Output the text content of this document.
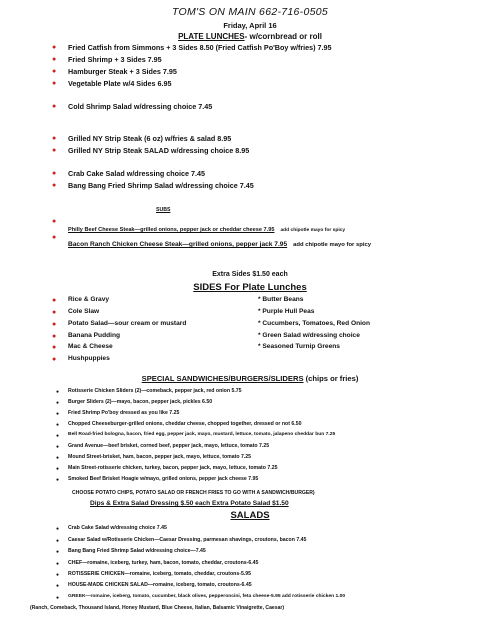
TOM'S ON MAIN 662-716-0505
Friday, April 16
PLATE LUNCHES- w/cornbread or roll
● Fried Catfish from Simmons + 3 Sides 8.50 (Fried Catfish Po'Boy w/fries) 7.95
● Fried Shrimp + 3 Sides 7.95
● Hamburger Steak + 3 Sides 7.95
● Vegetable Plate w/4 Sides 6.95
● Cold Shrimp Salad w/dressing choice 7.45
● Grilled NY Strip Steak (6 oz) w/fries & salad 8.95
● Grilled NY Strip Steak SALAD w/dressing choice 8.95
● Crab Cake Salad w/dressing choice 7.45
● Bang Bang Fried Shrimp Salad w/dressing choice 7.45
SUBS
●
Philly Beef Cheese Steak—grilled onions, pepper jack or cheddar cheese 7.95 add chipotle mayo for spicy
●
Bacon Ranch Chicken Cheese Steak—grilled onions, pepper jack 7.95 add chipotle mayo for spicy
Extra Sides $1.50 each
SIDES For Plate Lunches
● Rice & Gravy
● Cole Slaw
● Potato Salad—sour cream or mustard
● Banana Pudding
● Mac & Cheese
● Hushpuppies
* Butter Beans
* Purple Hull Peas
* Cucumbers, Tomatoes, Red Onion
* Green Salad w/dressing choice
* Seasoned Turnip Greens
SPECIAL SANDWICHES/BURGERS/SLIDERS (chips or fries)
● Rotisserie Chicken Sliders (2)—comeback, pepper jack, red onion 5.75
● Burger Sliders (2)—mayo, bacon, pepper jack, pickles 6.50
● Fried Shrimp Po'boy dressed as you like 7.25
● Chopped Cheeseburger-grilled onions, cheddar cheese, chopped together, dressed or not 6.50
● Bell Road-fried bologna, bacon, fried egg, pepper jack, mayo, mustard, lettuce, tomato, jalapeno cheddar bun 7.25
● Grand Avenue—beef brisket, corned beef, pepper jack, mayo, lettuce, tomato 7.25
● Mound Street-brisket, ham, bacon, pepper jack, mayo, lettuce, tomato 7.25
● Main Street-rotisserie chicken, turkey, bacon, pepper jack, mayo, lettuce, tomato 7.25
● Smoked Beef Brisket Hoagie w/mayo, grilled onions, pepper jack cheese 7.95
CHOOSE POTATO CHIPS, POTATO SALAD OR FRENCH FRIES TO GO WITH A SANDWICH/BURGER)
Dips & Extra Salad Dressing $.50 each Extra Potato Salad $1.50
SALADS
● Crab Cake Salad w/dressing choice 7.45
● Caesar Salad w/Rotisserie Chicken—Caesar Dressing, parmesan shavings, croutons, bacon 7.45
● Bang Bang Fried Shrimp Salad w/dressing choice—7.45
● CHEF—romaine, iceberg, turkey, ham, bacon, tomato, cheddar, croutons-6.45
● ROTISSERIE CHICKEN—romaine, iceberg, tomato, cheddar, croutons-5.95
● HOUSE-MADE CHICKEN SALAD—romaine, iceberg, tomato, croutons-6.45
● GREEK—romaine, iceberg, tomato, cucumber, black olives, pepperoncini, feta cheese-5.95 add rotisserie chicken 1.00
(Ranch, Comeback, Thousand Island, Honey Mustard, Blue Cheese, Italian, Balsamic Vinaigrette, Caesar)
